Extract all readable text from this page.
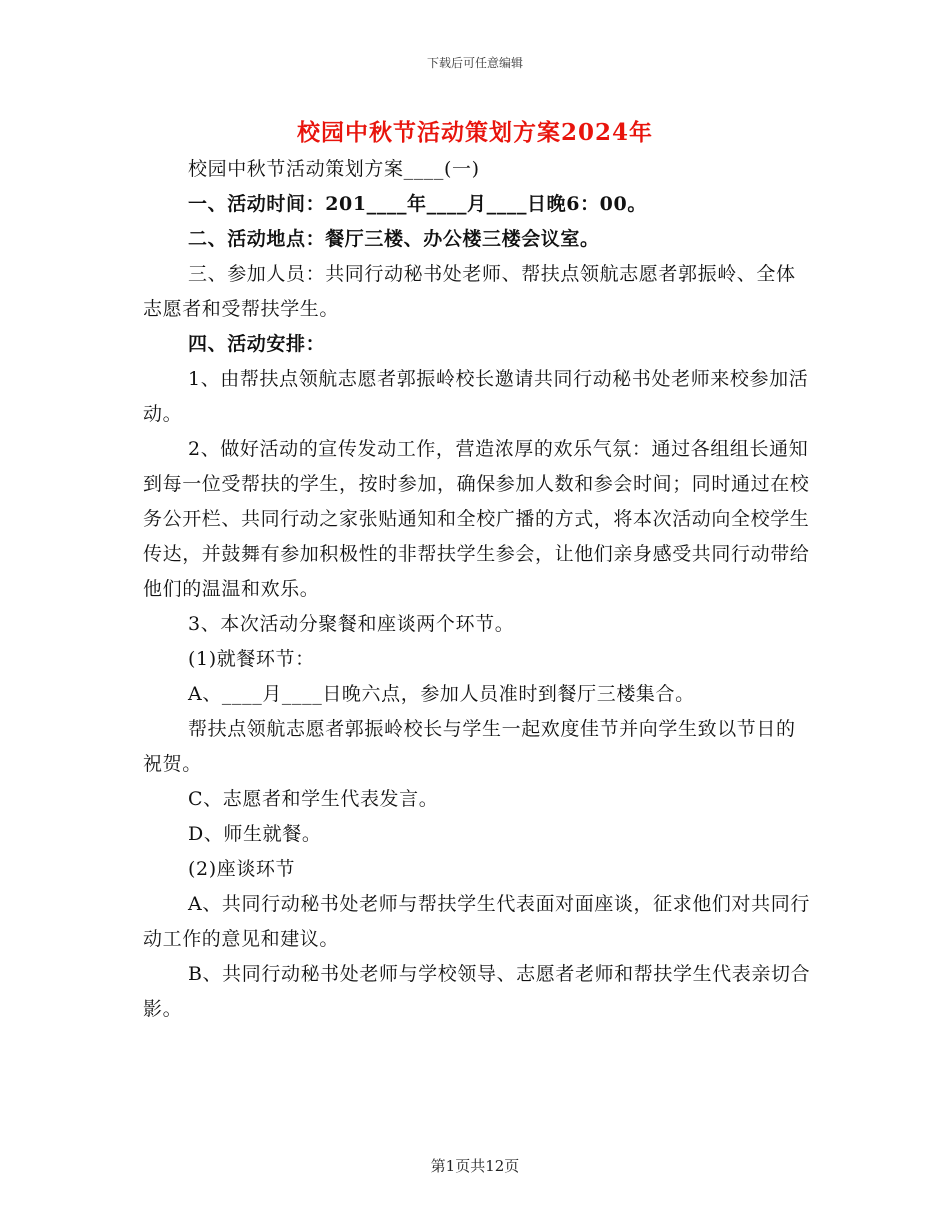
下载后可任意编辑
校园中秋节活动策划方案2024年

校园中秋节活动策划方案____(一)

一、活动时间：201____年____月____日晚6：00。

二、活动地点：餐厅三楼、办公楼三楼会议室。

三、参加人员：共同行动秘书处老师、帮扶点领航志愿者郭振岭、全体志愿者和受帮扶学生。

四、活动安排：

1、由帮扶点领航志愿者郭振岭校长邀请共同行动秘书处老师来校参加活动。

2、做好活动的宣传发动工作，营造浓厚的欢乐气氛：通过各组组长通知到每一位受帮扶的学生，按时参加，确保参加人数和参会时间；同时通过在校务公开栏、共同行动之家张贴通知和全校广播的方式，将本次活动向全校学生传达，并鼓舞有参加积极性的非帮扶学生参会，让他们亲身感受共同行动带给他们的温温和欢乐。

3、本次活动分聚餐和座谈两个环节。

(1)就餐环节：

A、____月____日晚六点，参加人员准时到餐厅三楼集合。

帮扶点领航志愿者郭振岭校长与学生一起欢度佳节并向学生致以节日的祝贺。

C、志愿者和学生代表发言。

D、师生就餐。

(2)座谈环节

A、共同行动秘书处老师与帮扶学生代表面对面座谈，征求他们对共同行动工作的意见和建议。

B、共同行动秘书处老师与学校领导、志愿者老师和帮扶学生代表亲切合影。

第1页共12页
